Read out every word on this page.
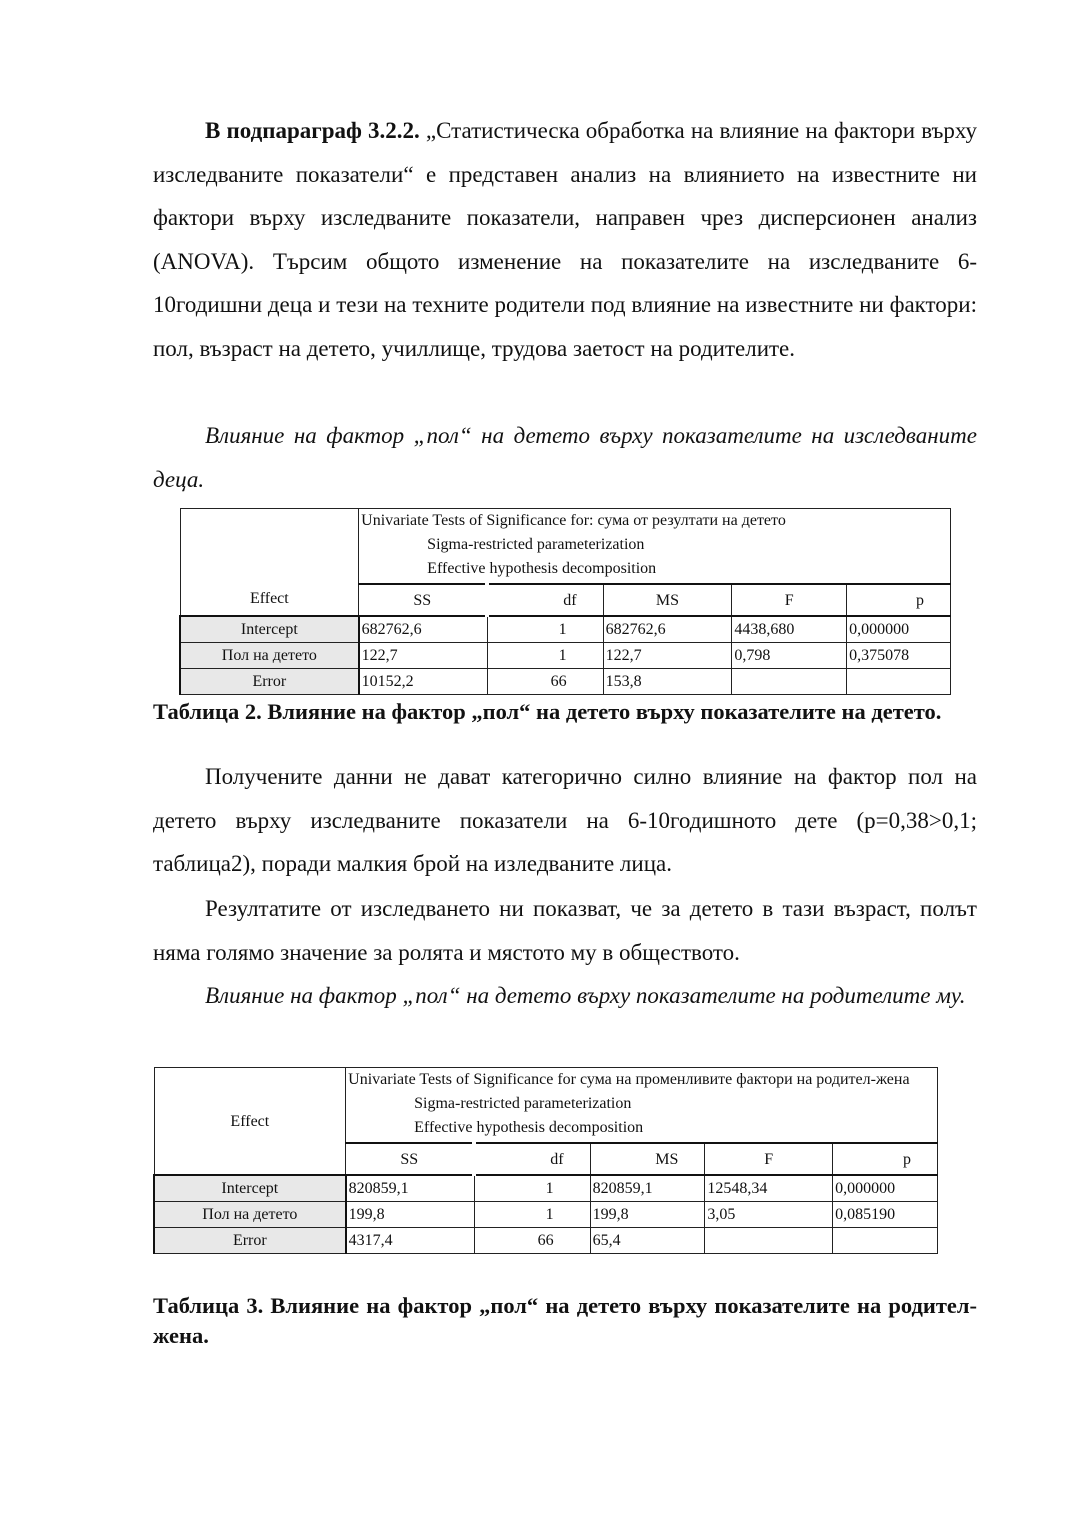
В подпараграф 3.2.2. „Статистическа обработка на влияние на фактори върху изследваните показатели“ е представен анализ на влиянието на известните ни фактори върху изследваните показатели, направен чрез дисперсионен анализ (ANOVA). Търсим общото изменение на показателите на изследваните 6-10годишни деца и тези на техните родители под влияние на известните ни фактори: пол, възраст на детето, училлище, трудова заетост на родителите.

Влияние на фактор „пол“ на детето върху показателите на изследваните деца.

Effect	Univariate Tests of Significance for: сума от резултати на детето
Sigma-restricted parameterization
Effective hypothesis decomposition				

	SS	df	MS	F	p
Intercept	682762,6	1	682762,6	4438,680	0,000000
Пол на детето	122,7	1	122,7	0,798	0,375078
Error	10152,2	66	153,8		

Таблица 2. Влияние на фактор „пол“ на детето върху показателите на детето.

Получените данни не дават категорично силно влияние на фактор пол на детето върху изследваните показатели на 6-10годишното дете (p=0,38>0,1; таблица2), поради малкия брой на изледваните лица.

Резултатите от изследването ни показват, че за детето в тази възраст, полът няма голямо значение за ролята и мястото му в обществото.

Влияние на фактор „пол“ на детето върху показателите на родителите му.

Effect	Univariate Tests of Significance for сума на променливите фактори на родител-жена
Sigma-restricted parameterization
Effective hypothesis decomposition				

	SS	df	MS	F	p
Intercept	820859,1	1	820859,1	12548,34	0,000000
Пол на детето	199,8	1	199,8	3,05	0,085190
Error	4317,4	66	65,4		

Таблица 3. Влияние на фактор „пол“ на детето върху показателите на родител-жена.
